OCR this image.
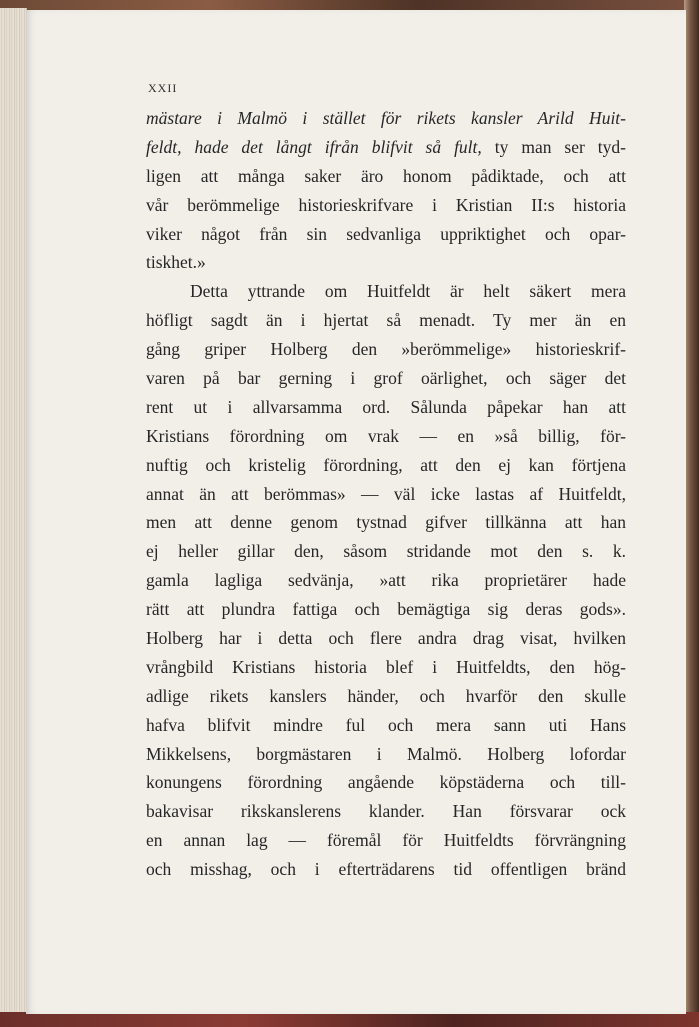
XXII
mästare i Malmö i stället för rikets kansler Arild Huit-
feldt, hade det långt ifrån blifvit så fult, ty man ser tyd-
ligen att många saker äro honom pådiktade, och att
vår berömmelige historieskrifvare i Kristian II:s historia
viker något från sin sedvanliga uppriktighet och opar-
tiskhet.»
Detta yttrande om Huitfeldt är helt säkert mera
höfligt sagdt än i hjertat så menadt. Ty mer än en
gång griper Holberg den »berömmelige» historieskrif-
varen på bar gerning i grof oärlighet, och säger det
rent ut i allvarsamma ord. Sålunda påpekar han att
Kristians förordning om vrak — en »så billig, för-
nuftig och kristelig förordning, att den ej kan förtjena
annat än att berömmas» — väl icke lastas af Huitfeldt,
men att denne genom tystnad gifver tillkänna att han
ej heller gillar den, såsom stridande mot den s. k.
gamla lagliga sedvänja, »att rika proprietärer hade
rätt att plundra fattiga och bemägtiga sig deras gods».
Holberg har i detta och flere andra drag visat, hvilken
vrångbild Kristians historia blef i Huitfeldts, den hög-
adlige rikets kanslers händer, och hvarför den skulle
hafva blifvit mindre ful och mera sann uti Hans
Mikkelsens, borgmästaren i Malmö. Holberg lofordar
konungens förordning angående köpstäderna och till-
bakavisar rikskanslerens klander. Han försvarar ock
en annan lag — föremål för Huitfeldts förvrängning
och misshag, och i efterträdarens tid offentligen bränd
